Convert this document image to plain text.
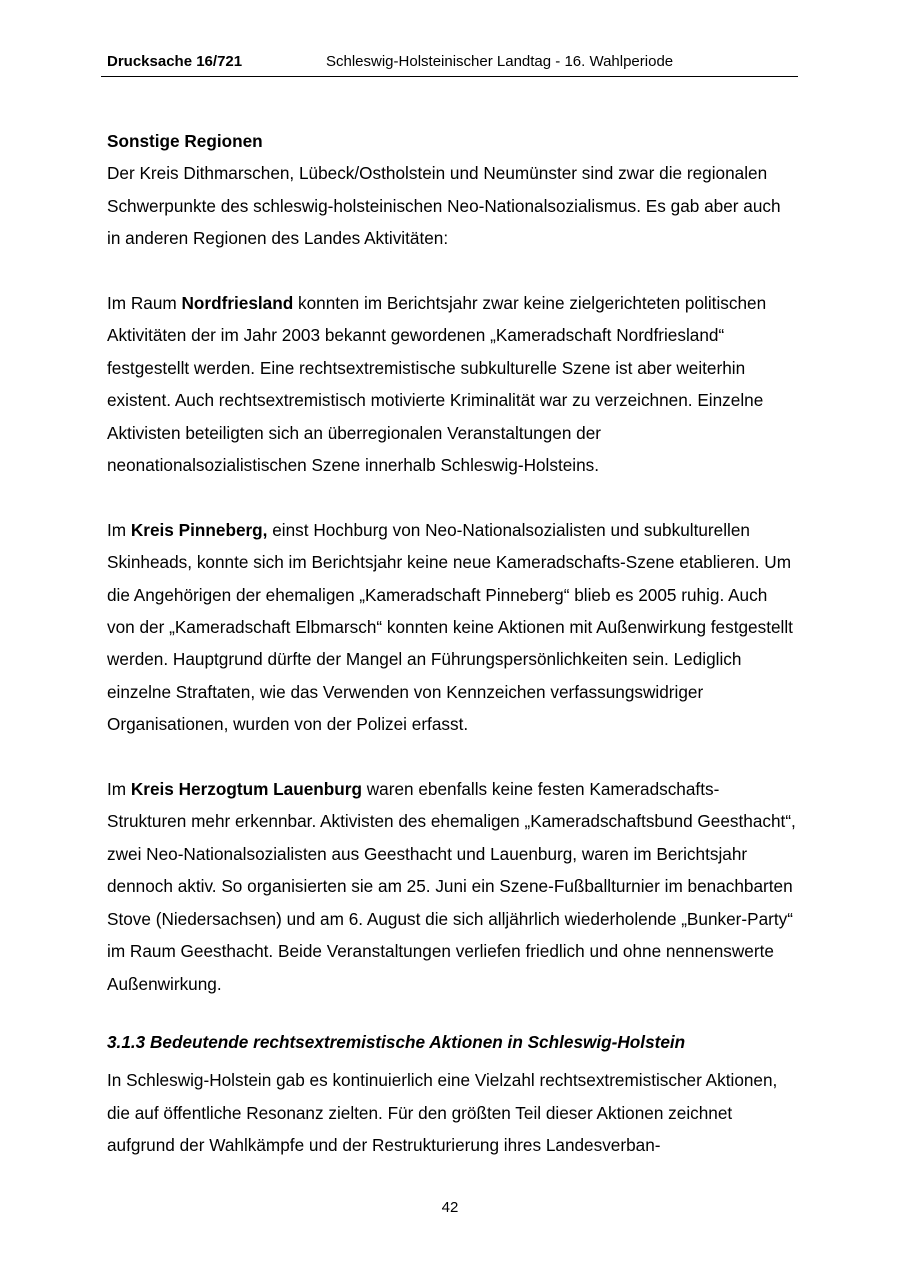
Drucksache 16/721	Schleswig-Holsteinischer Landtag - 16. Wahlperiode

Sonstige Regionen

Der Kreis Dithmarschen, Lübeck/Ostholstein und Neumünster sind zwar die regionalen Schwerpunkte des schleswig-holsteinischen Neo-Nationalsozialismus. Es gab aber auch in anderen Regionen des Landes Aktivitäten:

Im Raum Nordfriesland konnten im Berichtsjahr zwar keine zielgerichteten politischen Aktivitäten der im Jahr 2003 bekannt gewordenen „Kameradschaft Nordfriesland“ festgestellt werden. Eine rechtsextremistische subkulturelle Szene ist aber weiterhin existent. Auch rechtsextremistisch motivierte Kriminalität war zu verzeichnen. Einzelne Aktivisten beteiligten sich an überregionalen Veranstaltungen der neonationalsozialistischen Szene innerhalb Schleswig-Holsteins.

Im Kreis Pinneberg, einst Hochburg von Neo-Nationalsozialisten und subkulturellen Skinheads, konnte sich im Berichtsjahr keine neue Kameradschafts-Szene etablieren. Um die Angehörigen der ehemaligen „Kameradschaft Pinneberg“ blieb es 2005 ruhig. Auch von der „Kameradschaft Elbmarsch“ konnten keine Aktionen mit Außenwirkung festgestellt werden. Hauptgrund dürfte der Mangel an Führungspersönlichkeiten sein. Lediglich einzelne Straftaten, wie das Verwenden von Kennzeichen verfassungswidriger Organisationen, wurden von der Polizei erfasst.

Im Kreis Herzogtum Lauenburg waren ebenfalls keine festen Kameradschafts-Strukturen mehr erkennbar. Aktivisten des ehemaligen „Kameradschaftsbund Geesthacht“, zwei Neo-Nationalsozialisten aus Geesthacht und Lauenburg, waren im Berichtsjahr dennoch aktiv. So organisierten sie am 25. Juni ein Szene-Fußballturnier im benachbarten Stove (Niedersachsen) und am 6. August die sich alljährlich wiederholende „Bunker-Party“ im Raum Geesthacht. Beide Veranstaltungen verliefen friedlich und ohne nennenswerte Außenwirkung.

3.1.3 Bedeutende rechtsextremistische Aktionen in Schleswig-Holstein

In Schleswig-Holstein gab es kontinuierlich eine Vielzahl rechtsextremistischer Aktionen, die auf öffentliche Resonanz zielten. Für den größten Teil dieser Aktionen zeichnet aufgrund der Wahlkämpfe und der Restrukturierung ihres Landesverban-

42
